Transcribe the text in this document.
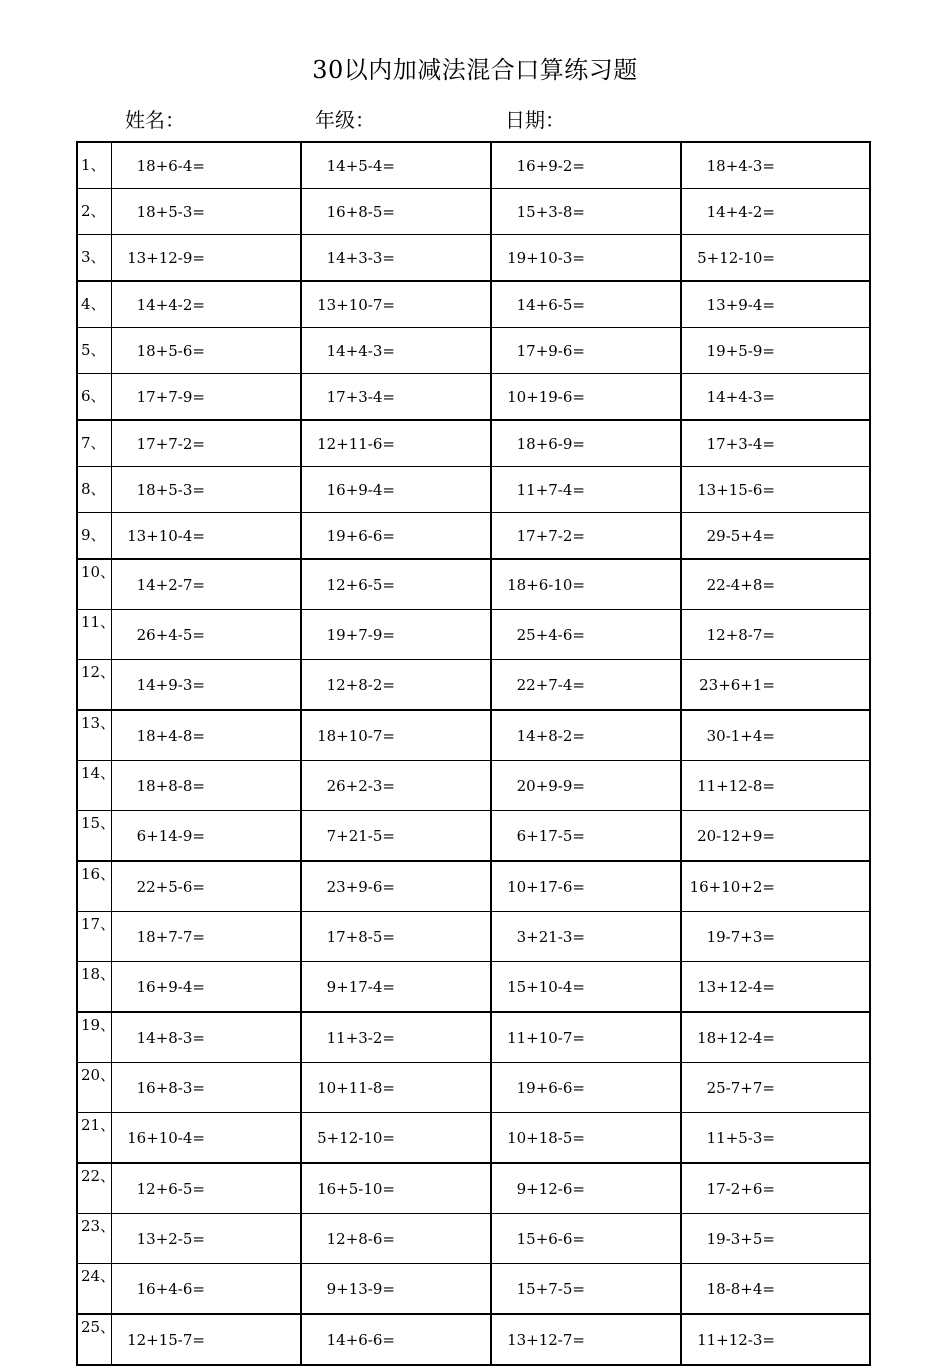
30以内加减法混合口算练习题
姓名：	年级：	日期：
1、	18+6-4=		14+5-4=		16+9-2=		18+4-3=	
2、	18+5-3=		16+8-5=		15+3-8=		14+4-2=	
3、	13+12-9=		14+3-3=		19+10-3=		5+12-10=	
4、	14+4-2=		13+10-7=		14+6-5=		13+9-4=	
5、	18+5-6=		14+4-3=		17+9-6=		19+5-9=	
6、	17+7-9=		17+3-4=		10+19-6=		14+4-3=	
7、	17+7-2=		12+11-6=		18+6-9=		17+3-4=	
8、	18+5-3=		16+9-4=		11+7-4=		13+15-6=	
9、	13+10-4=		19+6-6=		17+7-2=		29-5+4=	
10、	14+2-7=		12+6-5=		18+6-10=		22-4+8=	
11、	26+4-5=		19+7-9=		25+4-6=		12+8-7=	
12、	14+9-3=		12+8-2=		22+7-4=		23+6+1=	
13、	18+4-8=		18+10-7=		14+8-2=		30-1+4=	
14、	18+8-8=		26+2-3=		20+9-9=		11+12-8=	
15、	6+14-9=		7+21-5=		6+17-5=		20-12+9=	
16、	22+5-6=		23+9-6=		10+17-6=		16+10+2=	
17、	18+7-7=		17+8-5=		3+21-3=		19-7+3=	
18、	16+9-4=		9+17-4=		15+10-4=		13+12-4=	
19、	14+8-3=		11+3-2=		11+10-7=		18+12-4=	
20、	16+8-3=		10+11-8=		19+6-6=		25-7+7=	
21、	16+10-4=		5+12-10=		10+18-5=		11+5-3=	
22、	12+6-5=		16+5-10=		9+12-6=		17-2+6=	
23、	13+2-5=		12+8-6=		15+6-6=		19-3+5=	
24、	16+4-6=		9+13-9=		15+7-5=		18-8+4=	
25、	12+15-7=		14+6-6=		13+12-7=		11+12-3=	
